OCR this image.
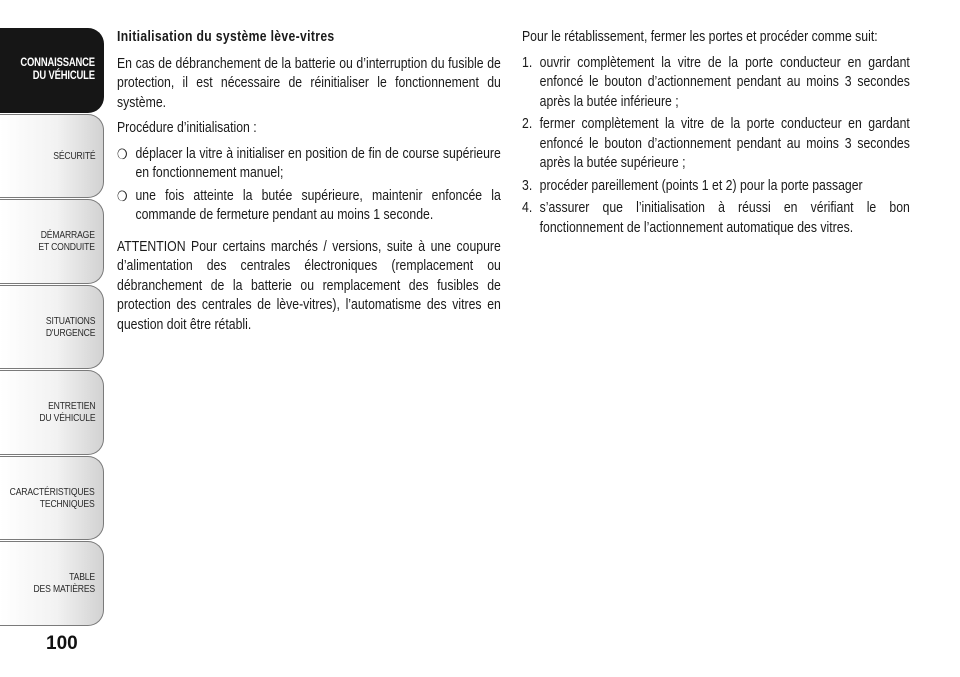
CONNAISSANCE
DU VÉHICULE
SÉCURITÉ
DÉMARRAGE
ET CONDUITE
SITUATIONS
D'URGENCE
ENTRETIEN
DU VÉHICULE
CARACTÉRISTIQUES
TECHNIQUES
TABLE
DES MATIÈRES
100
Initialisation du système lève-vitres

En cas de débranchement de la batterie ou d’interruption du fusible de protection, il est nécessaire de réinitialiser le fonctionnement du système.

Procédure d’initialisation :

❍ déplacer la vitre à initialiser en position de fin de course supérieure en fonctionnement manuel;
❍ une fois atteinte la butée supérieure, maintenir enfoncée la commande de fermeture pendant au moins 1 seconde.

ATTENTION Pour certains marchés / versions, suite à une coupure d’alimentation des centrales électroniques (remplacement ou débranchement de la batterie ou remplacement des fusibles de protection des centrales de lève-vitres), l’automatisme des vitres en question doit être rétabli.

Pour le rétablissement, fermer les portes et procéder comme suit:

1. ouvrir complètement la vitre de la porte conducteur en gardant enfoncé le bouton d’actionnement pendant au moins 3 secondes après la butée inférieure ;
2. fermer complètement la vitre de la porte conducteur en gardant enfoncé le bouton d’actionnement pendant au moins 3 secondes après la butée supérieure ;
3. procéder pareillement (points 1 et 2) pour la porte passager
4. s’assurer que l’initialisation à réussi en vérifiant le bon fonctionnement de l’actionnement automatique des vitres.
